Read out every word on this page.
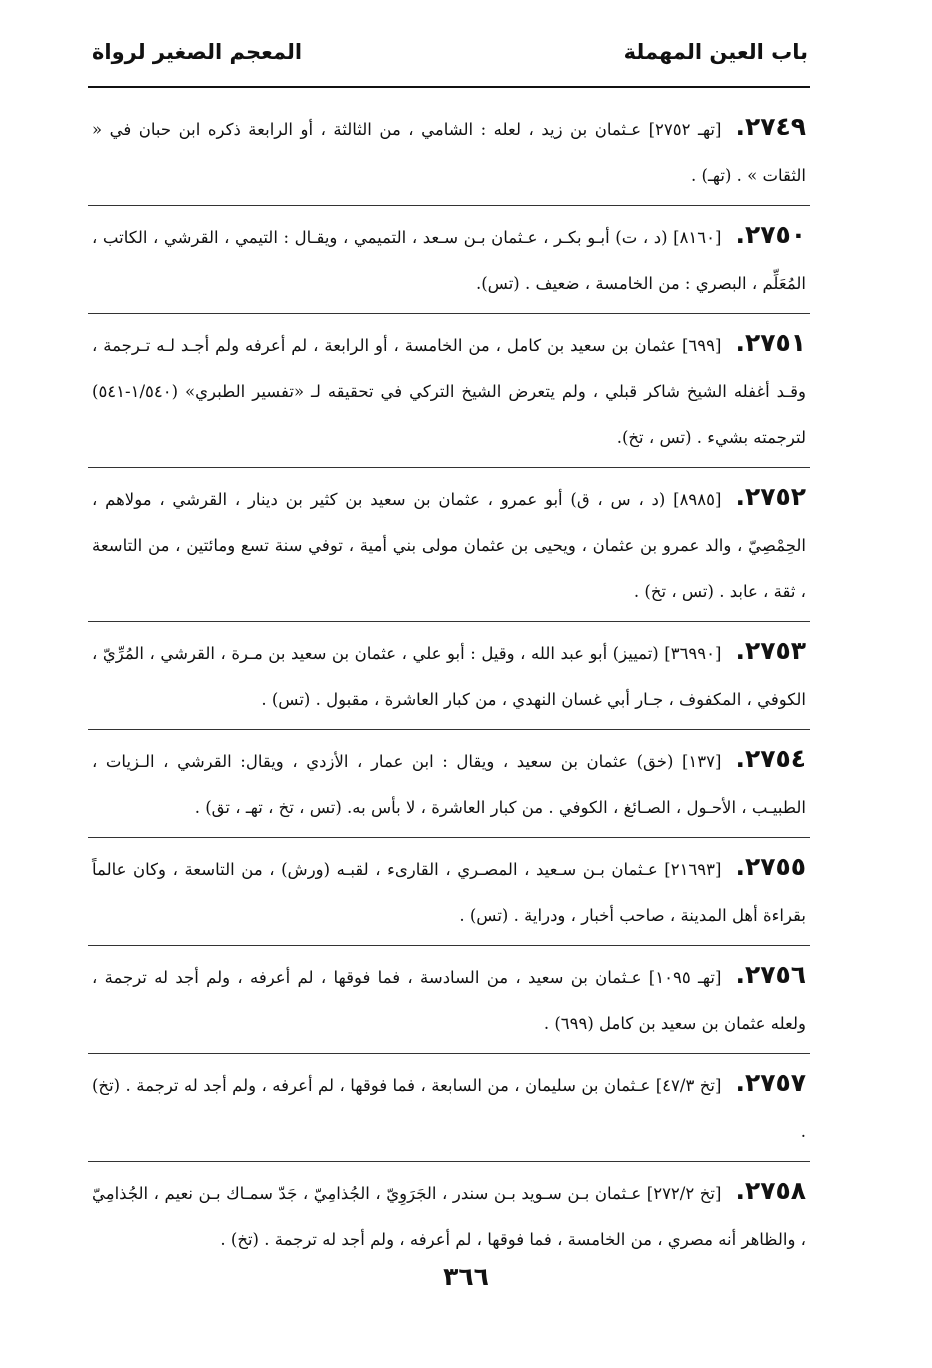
باب العين المهملة
المعجم الصغير لرواة
٢٧٤٩.[تهـ ٢٧٥٢] عـثمان بن زيد ، لعله : الشامي ، من الثالثة ، أو الرابعة ذكره ابن حبان في « الثقات » . (تهـ) .
٢٧٥٠.[٨١٦٠] (د ، ت) أبـو بكـر ، عـثمان بـن سـعد ، التميمي ، ويقـال : التيمي ، القرشي ، الكاتب ، المُعَلِّم ، البصري : من الخامسة ، ضعيف . (تس).
٢٧٥١.[٦٩٩] عثمان بن سعيد بن كامل ، من الخامسة ، أو الرابعة ، لم أعرفه ولم أجـد لـه تـرجمة ، وقـد أغفله الشيخ شاكر قبلي ، ولم يتعرض الشيخ التركي في تحقيقه لـ «تفسير الطبري» (١/٥٤٠-٥٤١) لترجمته بشيء . (تس ، تخ).
٢٧٥٢.[٨٩٨٥] (د ، س ، ق) أبو عمرو ، عثمان بن سعيد بن كثير بن دينار ، القرشي ، مولاهم ، الحِمْصِيّ ، والد عمرو بن عثمان ، ويحيى بن عثمان مولى بني أمية ، توفي سنة تسع ومائتين ، من التاسعة ، ثقة ، عابد . (تس ، تخ) .
٢٧٥٣.[٣٦٩٩٠] (تمييز) أبو عبد الله ، وقيل : أبو علي ، عثمان بن سعيد بن مـرة ، القرشي ، المُرِّيّ ، الكوفي ، المكفوف ، جـار أبي غسان النهدي ، من كبار العاشرة ، مقبول . (تس) .
٢٧٥٤.[١٣٧] (خق) عثمان بن سعيد ، ويقال : ابن عمار ، الأزدي ، ويقال: القرشي ، الـزيات ، الطبيـب ، الأحـول ، الصـائغ ، الكوفي . من كبار العاشرة ، لا بأس به. (تس ، تخ ، تهـ ، تق) .
٢٧٥٥.[٢١٦٩٣] عـثمان بـن سـعيد ، المصـري ، القارىء ، لقبـه (ورش) ، من التاسعة ، وكان عالماً بقراءة أهل المدينة ، صاحب أخبار ، ودراية . (تس) .
٢٧٥٦.[تهـ ١٠٩٥] عـثمان بن سعيد ، من السادسة ، فما فوقها ، لم أعرفه ، ولم أجد له ترجمة ، ولعله عثمان بن سعيد بن كامل (٦٩٩) .
٢٧٥٧.[تخ ٤٧/٣] عـثمان بن سليمان ، من السابعة ، فما فوقها ، لم أعرفه ، ولم أجد له ترجمة . (تخ) .
٢٧٥٨.[تخ ٢٧٢/٢] عـثمان بـن سـويد بـن سندر ، الجَرَوِيّ ، الجُذامِيّ ، جَدّ سمـاك بـن نعيم ، الجُذامِيّ ، والظاهر أنه مصري ، من الخامسة ، فما فوقها ، لم أعرفه ، ولم أجد له ترجمة . (تخ) .
٣٦٦
